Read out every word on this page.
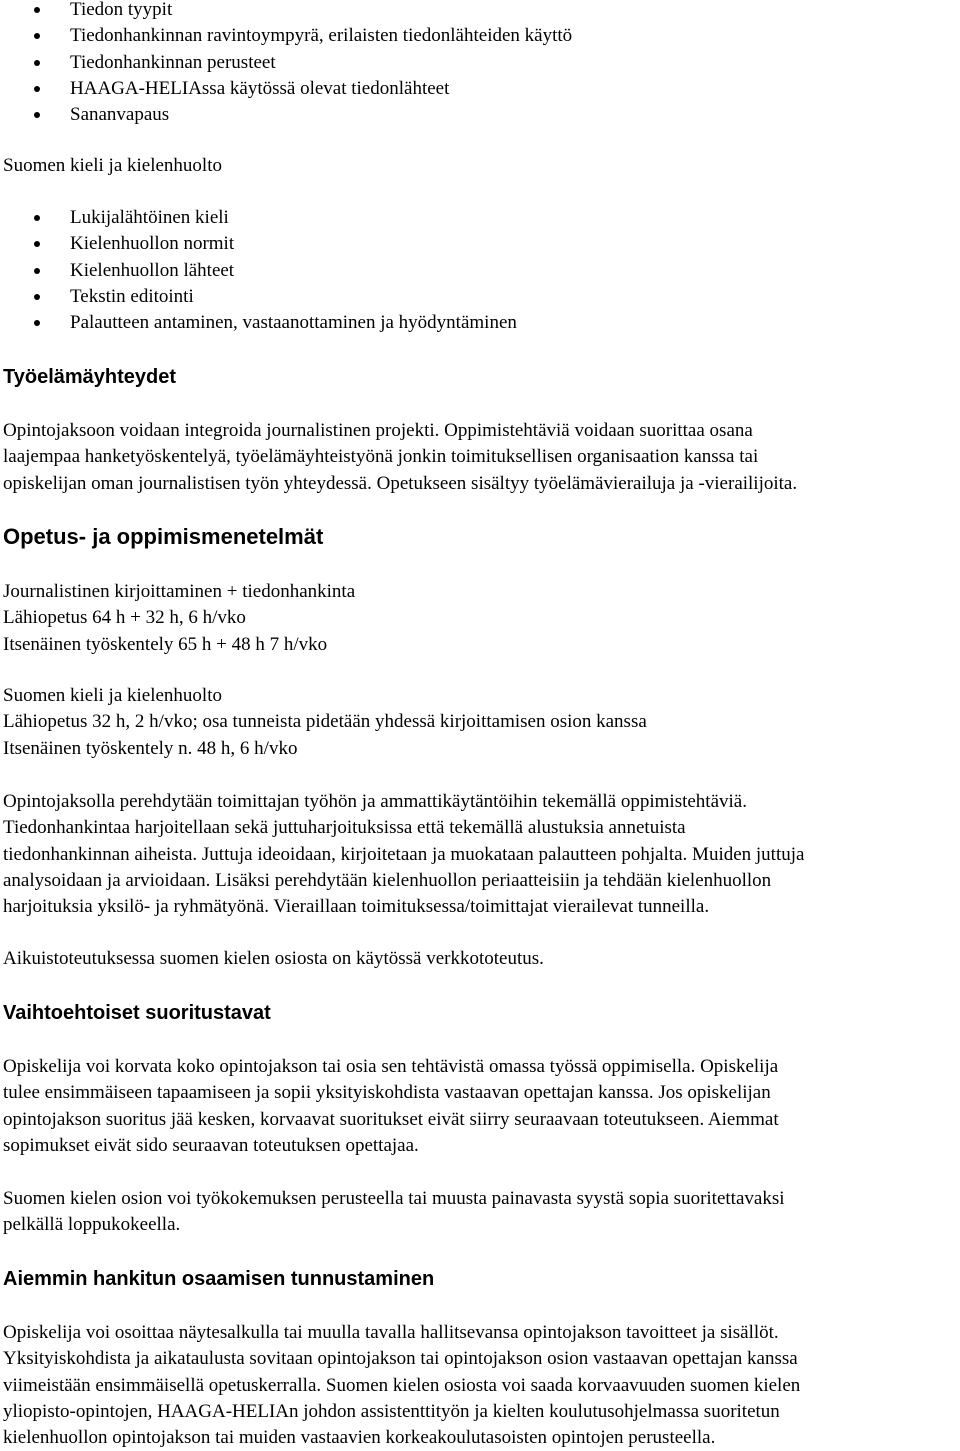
Tiedon tyypit
Tiedonhankinnan ravintoympyrä, erilaisten tiedonlähteiden käyttö
Tiedonhankinnan perusteet
HAAGA-HELIAssa käytössä olevat tiedonlähteet
Sananvapaus
Suomen kieli ja kielenhuolto
Lukijalähtöinen kieli
Kielenhuollon normit
Kielenhuollon lähteet
Tekstin editointi
Palautteen antaminen, vastaanottaminen ja hyödyntäminen
Työelämäyhteydet

Opintojaksoon voidaan integroida journalistinen projekti. Oppimistehtäviä voidaan suorittaa osana
laajempaa hanketyöskentelyä, työelämäyhteistyönä jonkin toimituksellisen organisaation kanssa tai
opiskelijan oman journalistisen työn yhteydessä. Opetukseen sisältyy työelämävierailuja ja -vierailijoita.

Opetus- ja oppimismenetelmät

Journalistinen kirjoittaminen + tiedonhankinta
Lähiopetus 64 h + 32 h, 6 h/vko
Itsenäinen työskentely 65 h + 48 h 7 h/vko

Suomen kieli ja kielenhuolto
Lähiopetus 32 h, 2 h/vko; osa tunneista pidetään yhdessä kirjoittamisen osion kanssa
Itsenäinen työskentely n. 48 h, 6 h/vko

Opintojaksolla perehdytään toimittajan työhön ja ammattikäytäntöihin tekemällä oppimistehtäviä.
Tiedonhankintaa harjoitellaan sekä juttuharjoituksissa että tekemällä alustuksia annetuista
tiedonhankinnan aiheista. Juttuja ideoidaan, kirjoitetaan ja muokataan palautteen pohjalta. Muiden juttuja
analysoidaan ja arvioidaan. Lisäksi perehdytään kielenhuollon periaatteisiin ja tehdään kielenhuollon
harjoituksia yksilö- ja ryhmätyönä. Vieraillaan toimituksessa/toimittajat vierailevat tunneilla.

Aikuistoteutuksessa suomen kielen osiosta on käytössä verkkototeutus.

Vaihtoehtoiset suoritustavat

Opiskelija voi korvata koko opintojakson tai osia sen tehtävistä omassa työssä oppimisella. Opiskelija
tulee ensimmäiseen tapaamiseen ja sopii yksityiskohdista vastaavan opettajan kanssa. Jos opiskelijan
opintojakson suoritus jää kesken, korvaavat suoritukset eivät siirry seuraavaan toteutukseen. Aiemmat
sopimukset eivät sido seuraavan toteutuksen opettajaa.

Suomen kielen osion voi työkokemuksen perusteella tai muusta painavasta syystä sopia suoritettavaksi
pelkällä loppukokeella.

Aiemmin hankitun osaamisen tunnustaminen

Opiskelija voi osoittaa näytesalkulla tai muulla tavalla hallitsevansa opintojakson tavoitteet ja sisällöt.
Yksityiskohdista ja aikataulusta sovitaan opintojakson tai opintojakson osion vastaavan opettajan kanssa
viimeistään ensimmäisellä opetuskerralla. Suomen kielen osiosta voi saada korvaavuuden suomen kielen
yliopisto-opintojen, HAAGA-HELIAn johdon assistenttityön ja kielten koulutusohjelmassa suoritetun
kielenhuollon opintojakson tai muiden vastaavien korkeakoulutasoisten opintojen perusteella.
